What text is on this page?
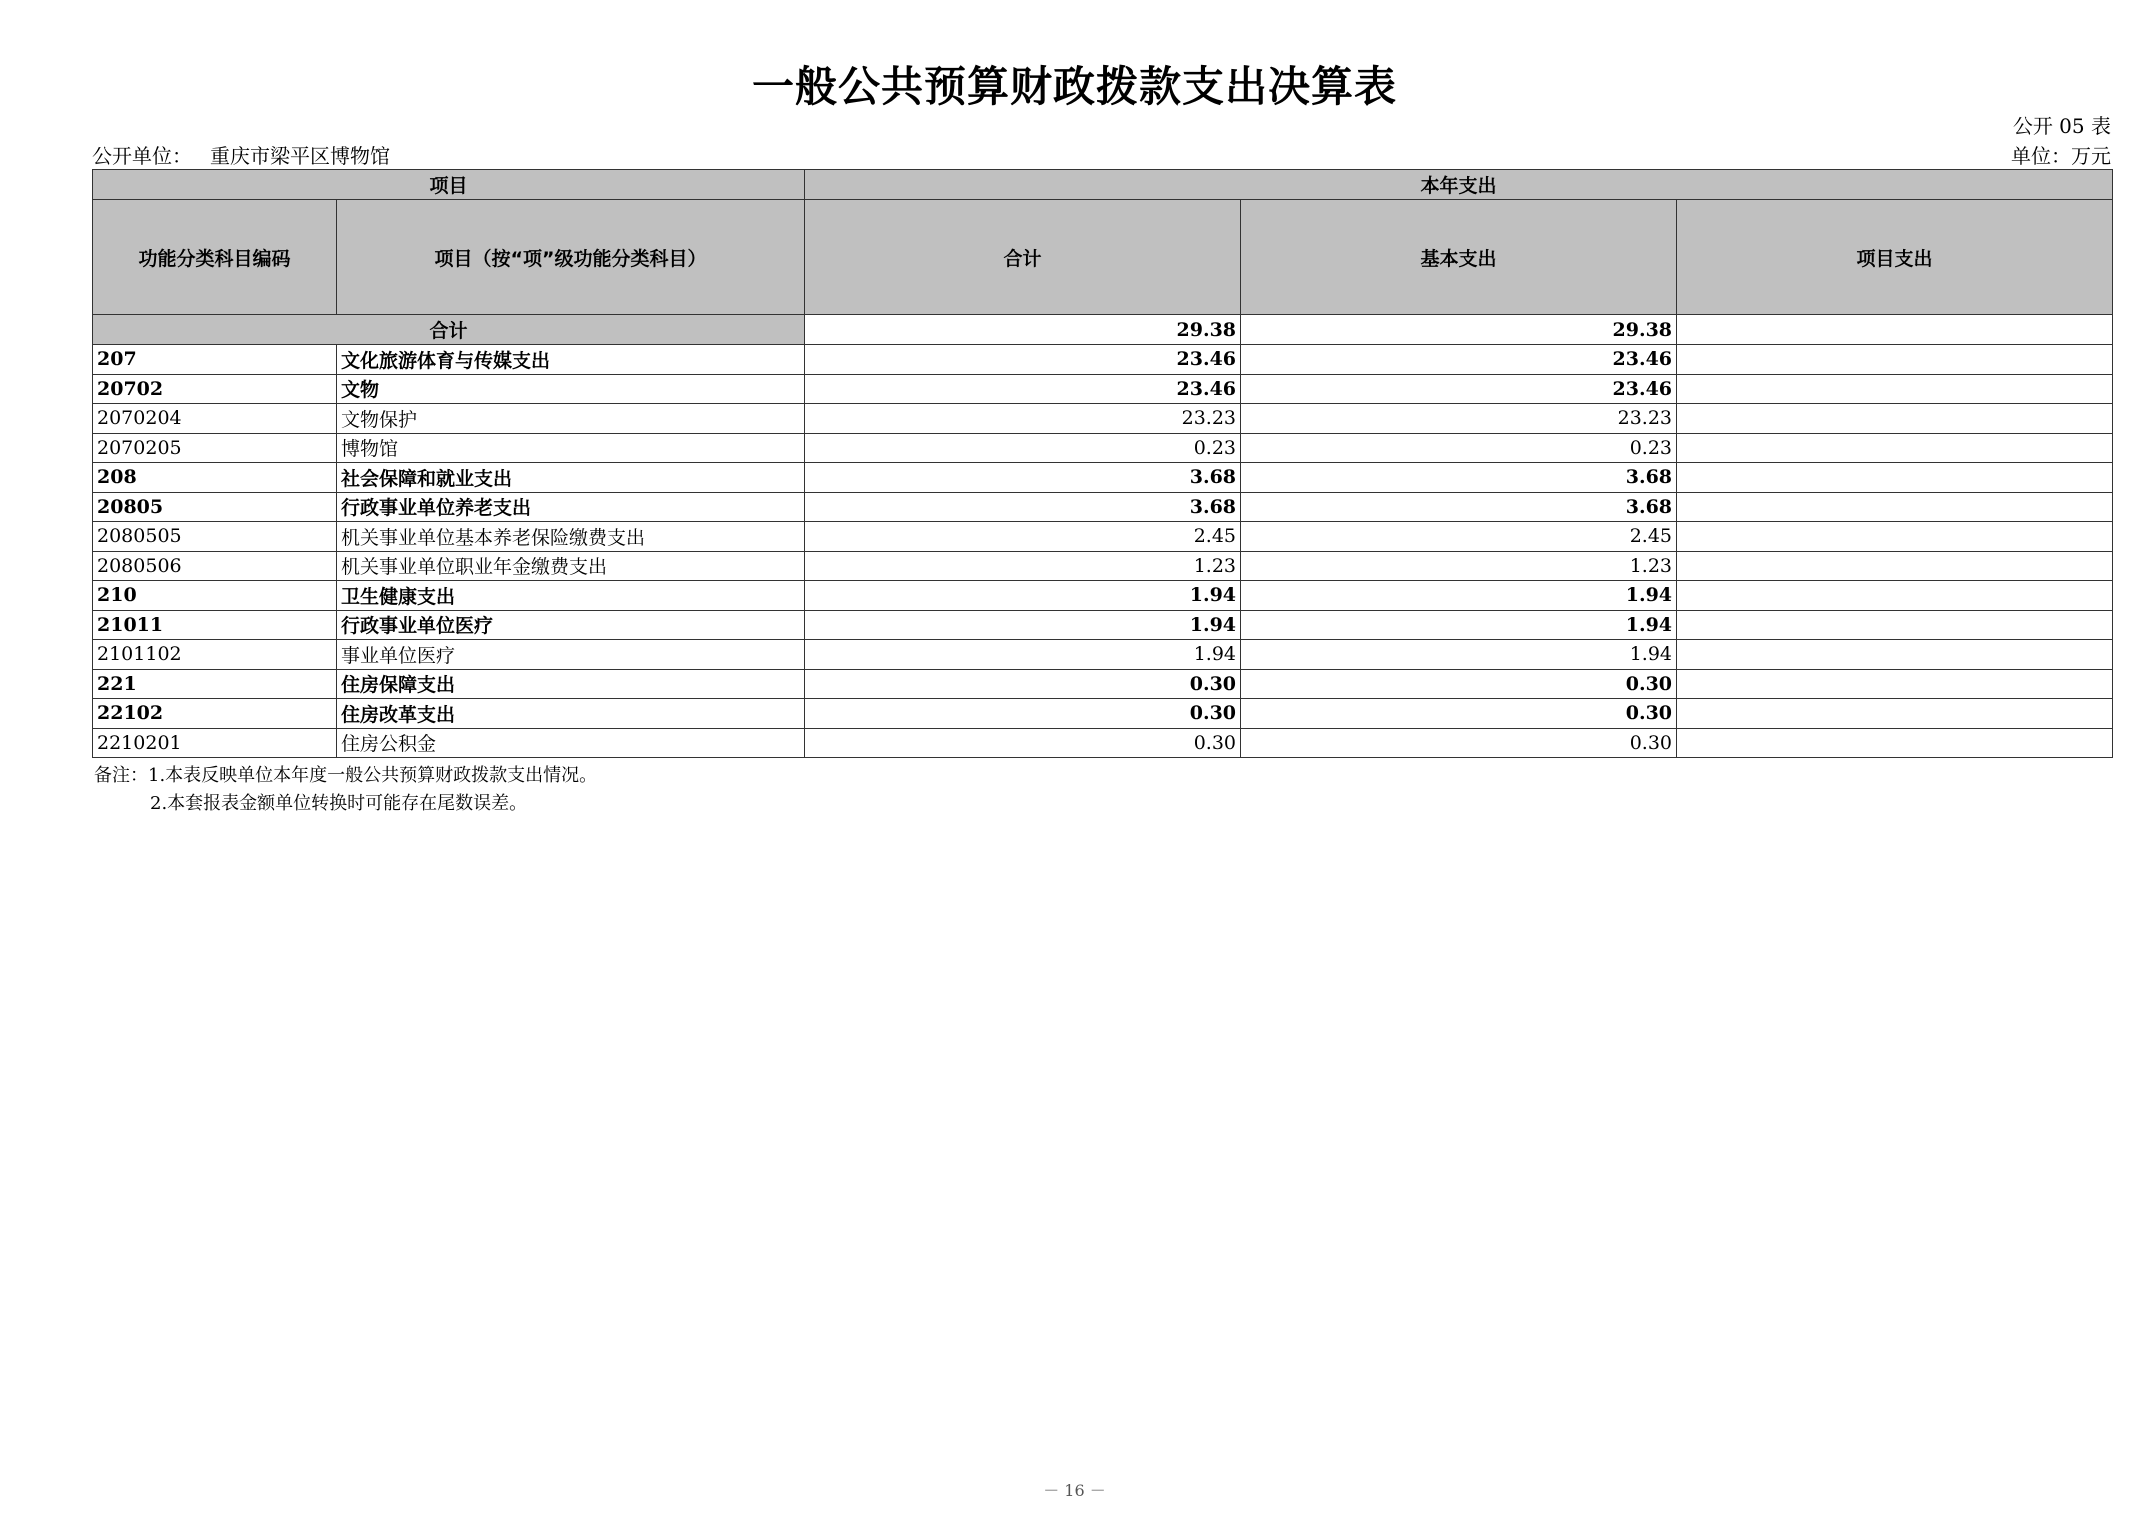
一般公共预算财政拨款支出决算表
公开 05 表
公开单位： 重庆市梁平区博物馆	单位：万元
项目		本年支出		
功能分类科目编码	项目（按“项”级功能分类科目）	合计	基本支出	项目支出
合计		29.38	29.38	
207	文化旅游体育与传媒支出	23.46	23.46	
20702	文物	23.46	23.46	
2070204	文物保护	23.23	23.23	
2070205	博物馆	0.23	0.23	
208	社会保障和就业支出	3.68	3.68	
20805	行政事业单位养老支出	3.68	3.68	
2080505	机关事业单位基本养老保险缴费支出	2.45	2.45	
2080506	机关事业单位职业年金缴费支出	1.23	1.23	
210	卫生健康支出	1.94	1.94	
21011	行政事业单位医疗	1.94	1.94	
2101102	事业单位医疗	1.94	1.94	
221	住房保障支出	0.30	0.30	
22102	住房改革支出	0.30	0.30	
2210201	住房公积金	0.30	0.30	
备注：1.本表反映单位本年度一般公共预算财政拨款支出情况。
2.本套报表金额单位转换时可能存在尾数误差。
－ 16 －
